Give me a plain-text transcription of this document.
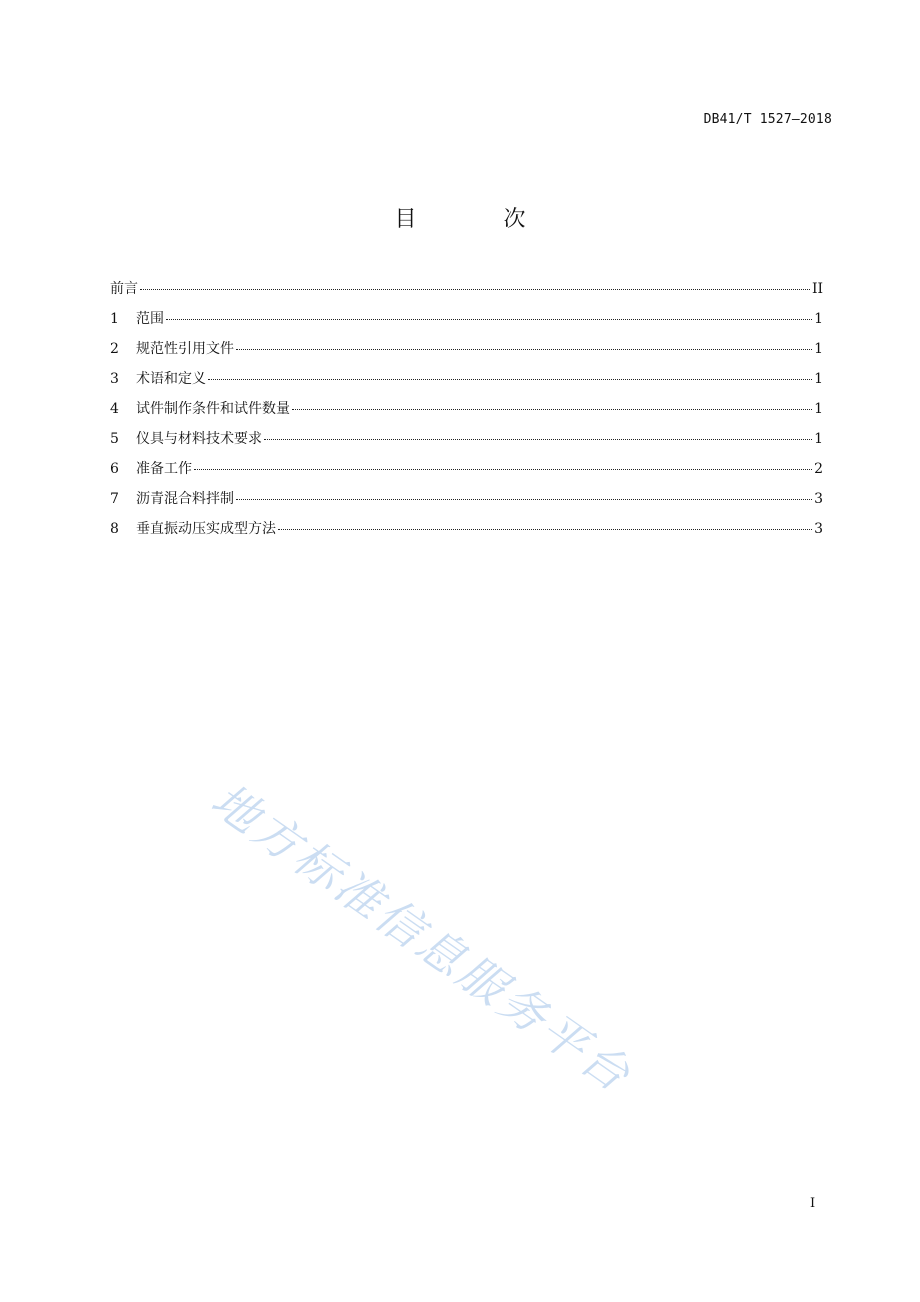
DB41/T 1527—2018
目 次
前言	II
1	范围	1
2	规范性引用文件	1
3	术语和定义	1
4	试件制作条件和试件数量	1
5	仪具与材料技术要求	1
6	准备工作	2
7	沥青混合料拌制	3
8	垂直振动压实成型方法	3
地方标准信息服务平台
I
